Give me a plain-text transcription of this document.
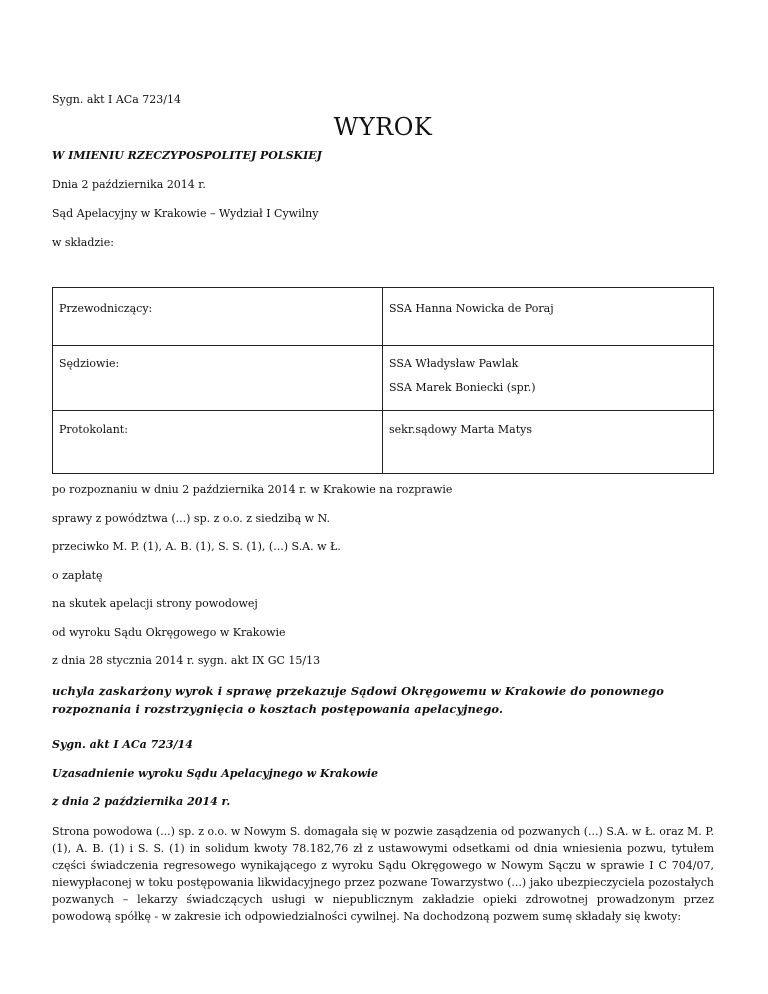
Sygn. akt I ACa 723/14
WYROK
W IMIENIU RZECZYPOSPOLITEJ POLSKIEJ
Dnia 2 października 2014 r.
Sąd Apelacyjny w Krakowie – Wydział I Cywilny
w składzie:
Przewodniczący:	SSA Hanna Nowicka de Poraj

Sędziowie:	SSA Władysław Pawlak
SSA Marek Boniecki (spr.)

Protokolant:	sekr.sądowy Marta Matys
po rozpoznaniu w dniu 2 października 2014 r. w Krakowie na rozprawie
sprawy z powództwa (...) sp. z o.o. z siedzibą w N.
przeciwko M. P. (1), A. B. (1), S. S. (1), (...) S.A. w Ł.
o zapłatę
na skutek apelacji strony powodowej
od wyroku Sądu Okręgowego w Krakowie
z dnia 28 stycznia 2014 r. sygn. akt IX GC 15/13
uchyla zaskarżony wyrok i sprawę przekazuje Sądowi Okręgowemu w Krakowie do ponownego
rozpoznania i rozstrzygnięcia o kosztach postępowania apelacyjnego.
Sygn. akt I ACa 723/14
Uzasadnienie wyroku Sądu Apelacyjnego w Krakowie
z dnia 2 października 2014 r.
Strona powodowa (...) sp. z o.o. w Nowym S. domagała się w pozwie zasądzenia od pozwanych (...) S.A. w Ł. oraz M. P. (1), A. B. (1) i S. S. (1) in solidum kwoty 78.182,76 zł z ustawowymi odsetkami od dnia wniesienia pozwu, tytułem części świadczenia regresowego wynikającego z wyroku Sądu Okręgowego w Nowym Sączu w sprawie I C 704/07, niewypłaconej w toku postępowania likwidacyjnego przez pozwane Towarzystwo (...) jako ubezpieczyciela pozostałych pozwanych – lekarzy świadczących usługi w niepublicznym zakładzie opieki zdrowotnej prowadzonym przez powodową spółkę - w zakresie ich odpowiedzialności cywilnej. Na dochodzoną pozwem sumę składały się kwoty:
